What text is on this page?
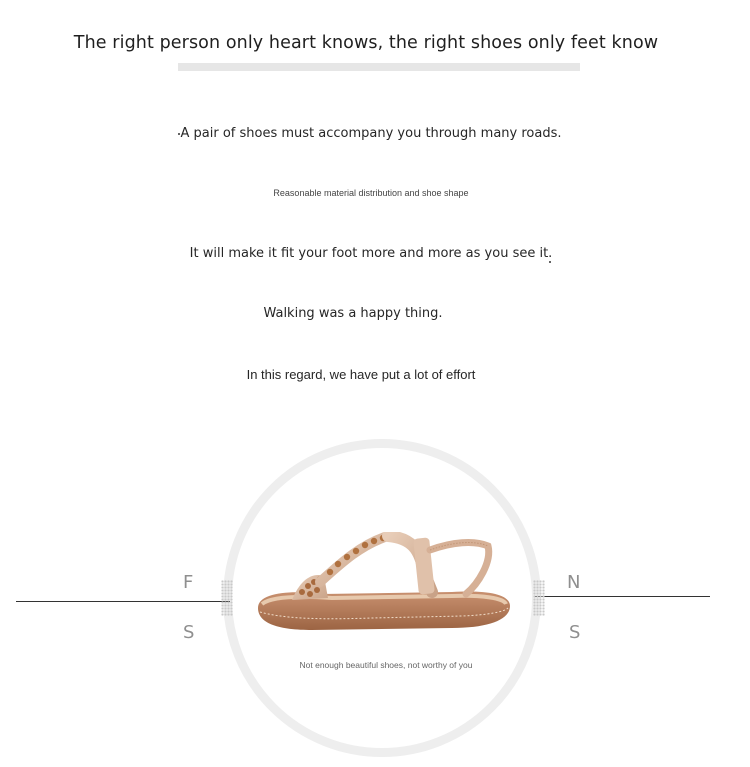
The right person only heart knows, the right shoes only feet know
A pair of shoes must accompany you through many roads.
Reasonable material distribution and shoe shape
It will make it fit your foot more and more as you see it.
Walking was a happy thing.
In this regard, we have put a lot of effort
F
S
N
S
Not enough beautiful shoes, not worthy of you
